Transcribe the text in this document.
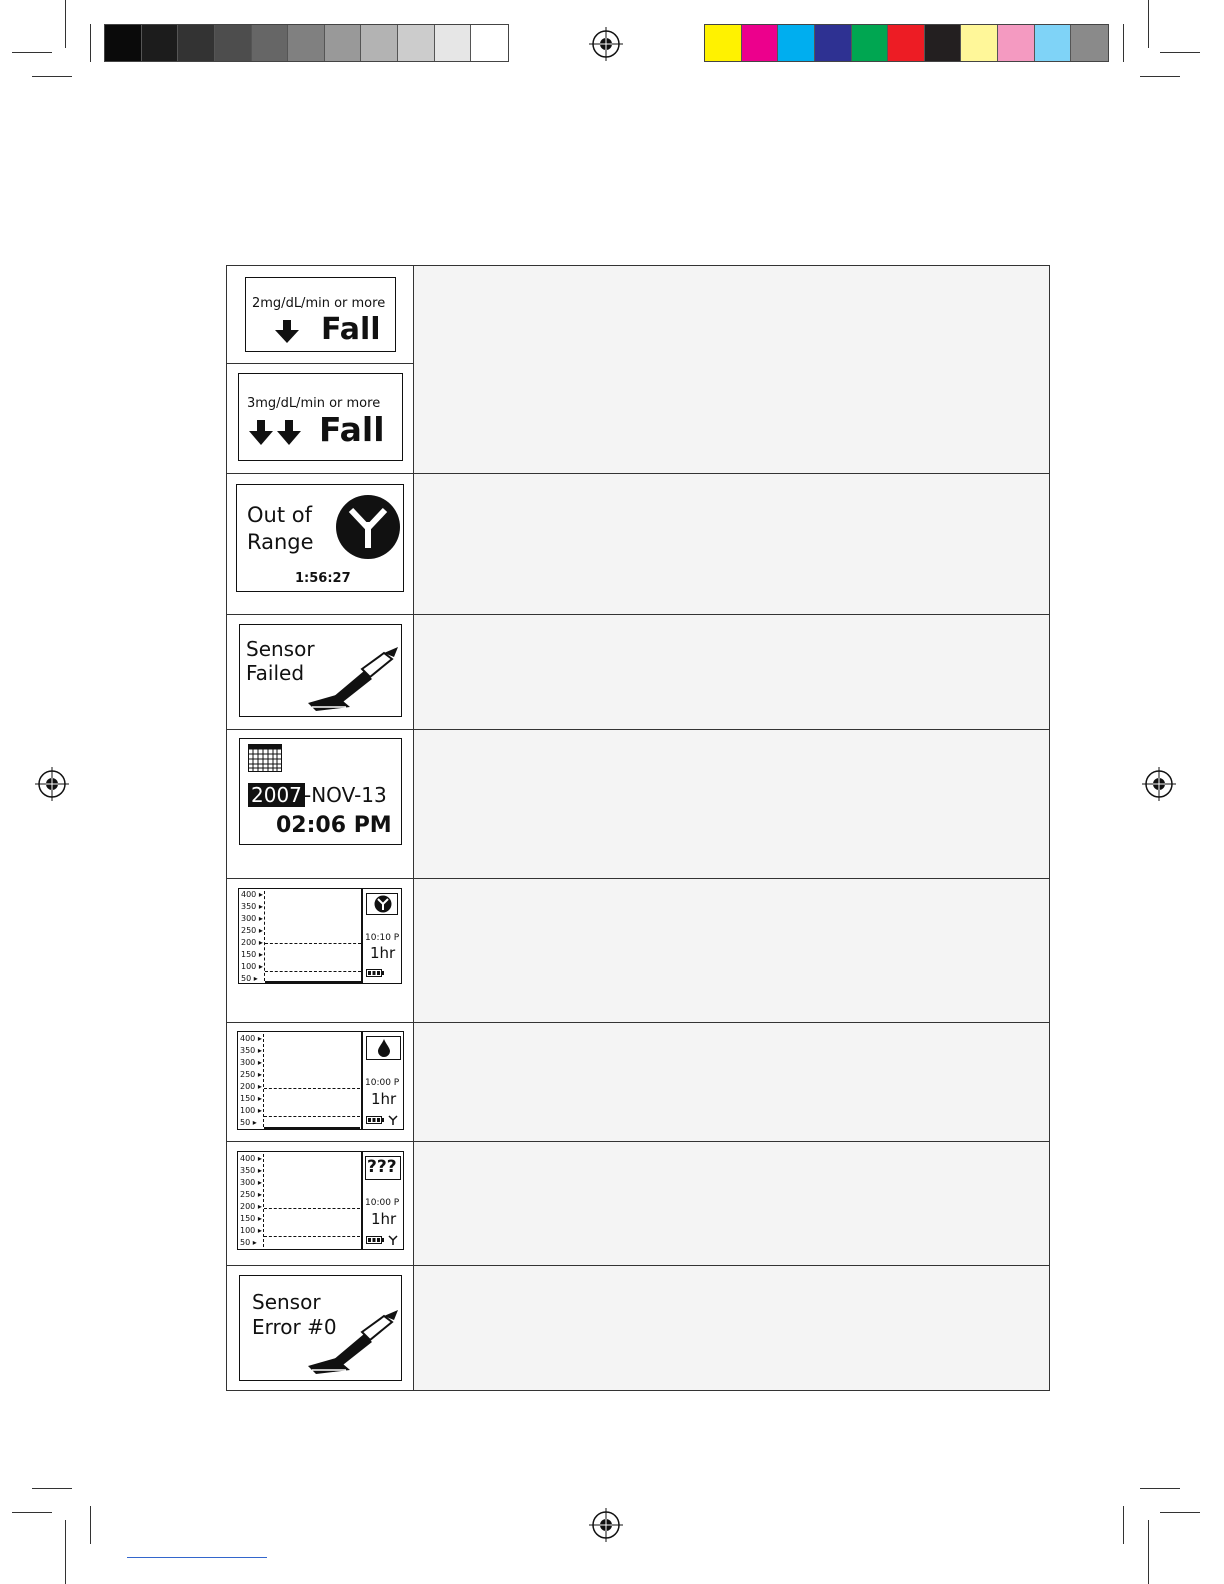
2mg/dL/min or more
Fall
3mg/dL/min or more
Fall
Out of
Range
1:56:27
Sensor
Failed
2007 -NOV-13
02:06 PM
400 ▸
350 ▸
300 ▸
250 ▸
200 ▸
150 ▸
100 ▸
50 ▸
10:10 P
1hr
400 ▸
350 ▸
300 ▸
250 ▸
200 ▸
150 ▸
100 ▸
50 ▸
10:00 P
1hr
400 ▸
350 ▸
300 ▸
250 ▸
200 ▸
150 ▸
100 ▸
50 ▸
???
10:00 P
1hr
Sensor
Error #0
